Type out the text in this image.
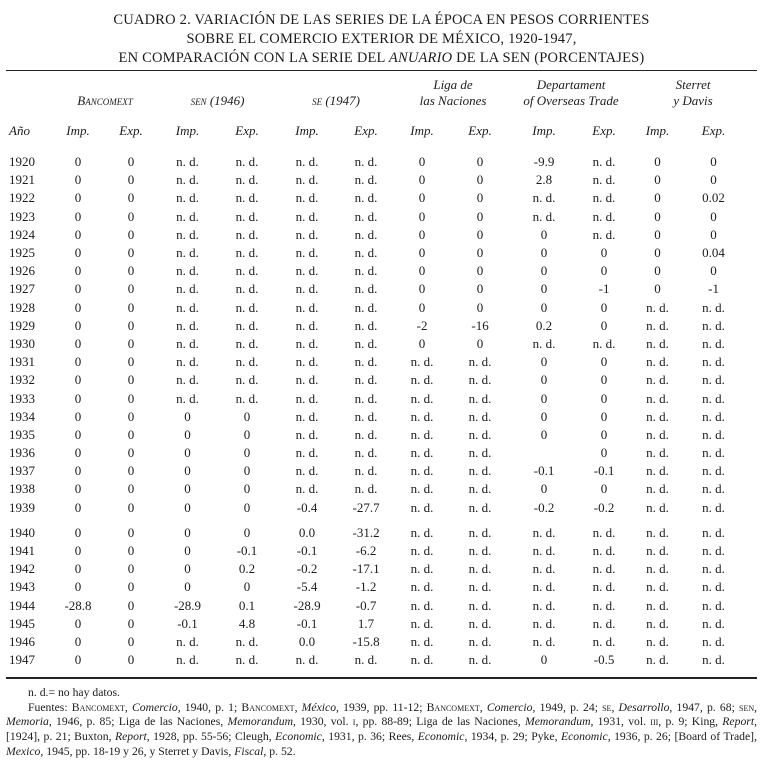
CUADRO 2. VARIACIÓN DE LAS SERIES DE LA ÉPOCA EN PESOS CORRIENTES
SOBRE EL COMERCIO EXTERIOR DE MÉXICO, 1920-1947,
EN COMPARACIÓN CON LA SERIE DEL ANUARIO DE LA SEN (PORCENTAJES)

Bancomext	sen (1946)	se (1947)

Liga de
las Naciones

Departament
of Overseas Trade

Sterret
y Davis

Año	Imp.	Exp.	Imp.	Exp.	Imp.	Exp.	Imp.	Exp.	Imp.	Exp.	Imp.	Exp.
1920	0	0	n. d.	n. d.	n. d.	n. d.	0	0	-9.9	n. d.	0	0
1921	0	0	n. d.	n. d.	n. d.	n. d.	0	0	2.8	n. d.	0	0
1922	0	0	n. d.	n. d.	n. d.	n. d.	0	0	n. d.	n. d.	0	0.02
1923	0	0	n. d.	n. d.	n. d.	n. d.	0	0	n. d.	n. d.	0	0
1924	0	0	n. d.	n. d.	n. d.	n. d.	0	0	0	n. d.	0	0
1925	0	0	n. d.	n. d.	n. d.	n. d.	0	0	0	0	0	0.04
1926	0	0	n. d.	n. d.	n. d.	n. d.	0	0	0	0	0	0
1927	0	0	n. d.	n. d.	n. d.	n. d.	0	0	0	-1	0	-1
1928	0	0	n. d.	n. d.	n. d.	n. d.	0	0	0	0	n. d.	n. d.
1929	0	0	n. d.	n. d.	n. d.	n. d.	-2	-16	0.2	0	n. d.	n. d.
1930	0	0	n. d.	n. d.	n. d.	n. d.	0	0	n. d.	n. d.	n. d.	n. d.
1931	0	0	n. d.	n. d.	n. d.	n. d.	n. d.	n. d.	0	0	n. d.	n. d.
1932	0	0	n. d.	n. d.	n. d.	n. d.	n. d.	n. d.	0	0	n. d.	n. d.
1933	0	0	n. d.	n. d.	n. d.	n. d.	n. d.	n. d.	0	0	n. d.	n. d.
1934	0	0	0	0	n. d.	n. d.	n. d.	n. d.	0	0	n. d.	n. d.
1935	0	0	0	0	n. d.	n. d.	n. d.	n. d.	0	0	n. d.	n. d.
1936	0	0	0	0	n. d.	n. d.	n. d.	n. d.		0	n. d.	n. d.
1937	0	0	0	0	n. d.	n. d.	n. d.	n. d.	-0.1	-0.1	n. d.	n. d.
1938	0	0	0	0	n. d.	n. d.	n. d.	n. d.	0	0	n. d.	n. d.
1939	0	0	0	0	-0.4	-27.7	n. d.	n. d.	-0.2	-0.2	n. d.	n. d.
1940	0	0	0	0	0.0	-31.2	n. d.	n. d.	n. d.	n. d.	n. d.	n. d.
1941	0	0	0	-0.1	-0.1	-6.2	n. d.	n. d.	n. d.	n. d.	n. d.	n. d.
1942	0	0	0	0.2	-0.2	-17.1	n. d.	n. d.	n. d.	n. d.	n. d.	n. d.
1943	0	0	0	0	-5.4	-1.2	n. d.	n. d.	n. d.	n. d.	n. d.	n. d.
1944	-28.8	0	-28.9	0.1	-28.9	-0.7	n. d.	n. d.	n. d.	n. d.	n. d.	n. d.
1945	0	0	-0.1	4.8	-0.1	1.7	n. d.	n. d.	n. d.	n. d.	n. d.	n. d.
1946	0	0	n. d.	n. d.	0.0	-15.8	n. d.	n. d.	n. d.	n. d.	n. d.	n. d.
1947	0	0	n. d.	n. d.	n. d.	n. d.	n. d.	n. d.	0	-0.5	n. d.	n. d.

n. d.= no hay datos.

Fuentes: Bancomext, Comercio, 1940, p. 1; Bancomext, México, 1939, pp. 11-12; Bancomext, Comercio, 1949, p. 24; se, Desarrollo, 1947, p. 68; sen, Memoria, 1946, p. 85; Liga de las Naciones, Memorandum, 1930, vol. i, pp. 88-89; Liga de las Naciones, Memorandum, 1931, vol. iii, p. 9; King, Report, [1924], p. 21; Buxton, Report, 1928, pp. 55-56; Cleugh, Economic, 1931, p. 36; Rees, Economic, 1934, p. 29; Pyke, Economic, 1936, p. 26; [Board of Trade], Mexico, 1945, pp. 18-19 y 26, y Sterret y Davis, Fiscal, p. 52.
